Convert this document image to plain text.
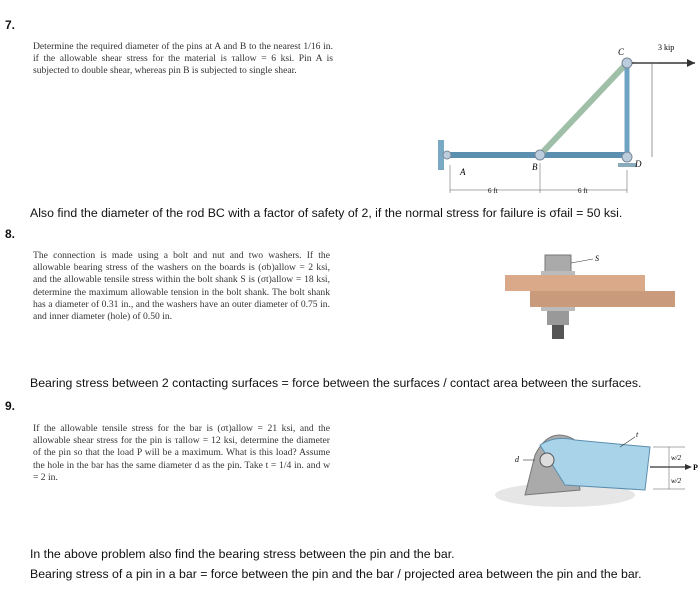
7.
Determine the required diameter of the pins at A and B to the nearest 1/16 in. if the allowable shear stress for the material is τallow = 6 ksi. Pin A is subjected to double shear, whereas pin B is subjected to single shear.
C	3 kip
8 ft
A	B	D
6 ft	6 ft
Also find the diameter of the rod BC with a factor of safety of 2, if the normal stress for failure is σfail = 50 ksi.
8.
The connection is made using a bolt and nut and two washers. If the allowable bearing stress of the washers on the boards is (σb)allow = 2 ksi, and the allowable tensile stress within the bolt shank S is (σt)allow = 18 ksi, determine the maximum allowable tension in the bolt shank. The bolt shank has a diameter of 0.31 in., and the washers have an outer diameter of 0.75 in. and inner diameter (hole) of 0.50 in.
S
Bearing stress between 2 contacting surfaces = force between the surfaces / contact area between the surfaces.
9.
If the allowable tensile stress for the bar is (σt)allow = 21 ksi, and the allowable shear stress for the pin is τallow = 12 ksi, determine the diameter of the pin so that the load P will be a maximum. What is this load? Assume the hole in the bar has the same diameter d as the pin. Take t = 1/4 in. and w = 2 in.
d
t
P
w/2
w/2
In the above problem also find the bearing stress between the pin and the bar.
Bearing stress of a pin in a bar = force between the pin and the bar / projected area between the pin and the bar.
